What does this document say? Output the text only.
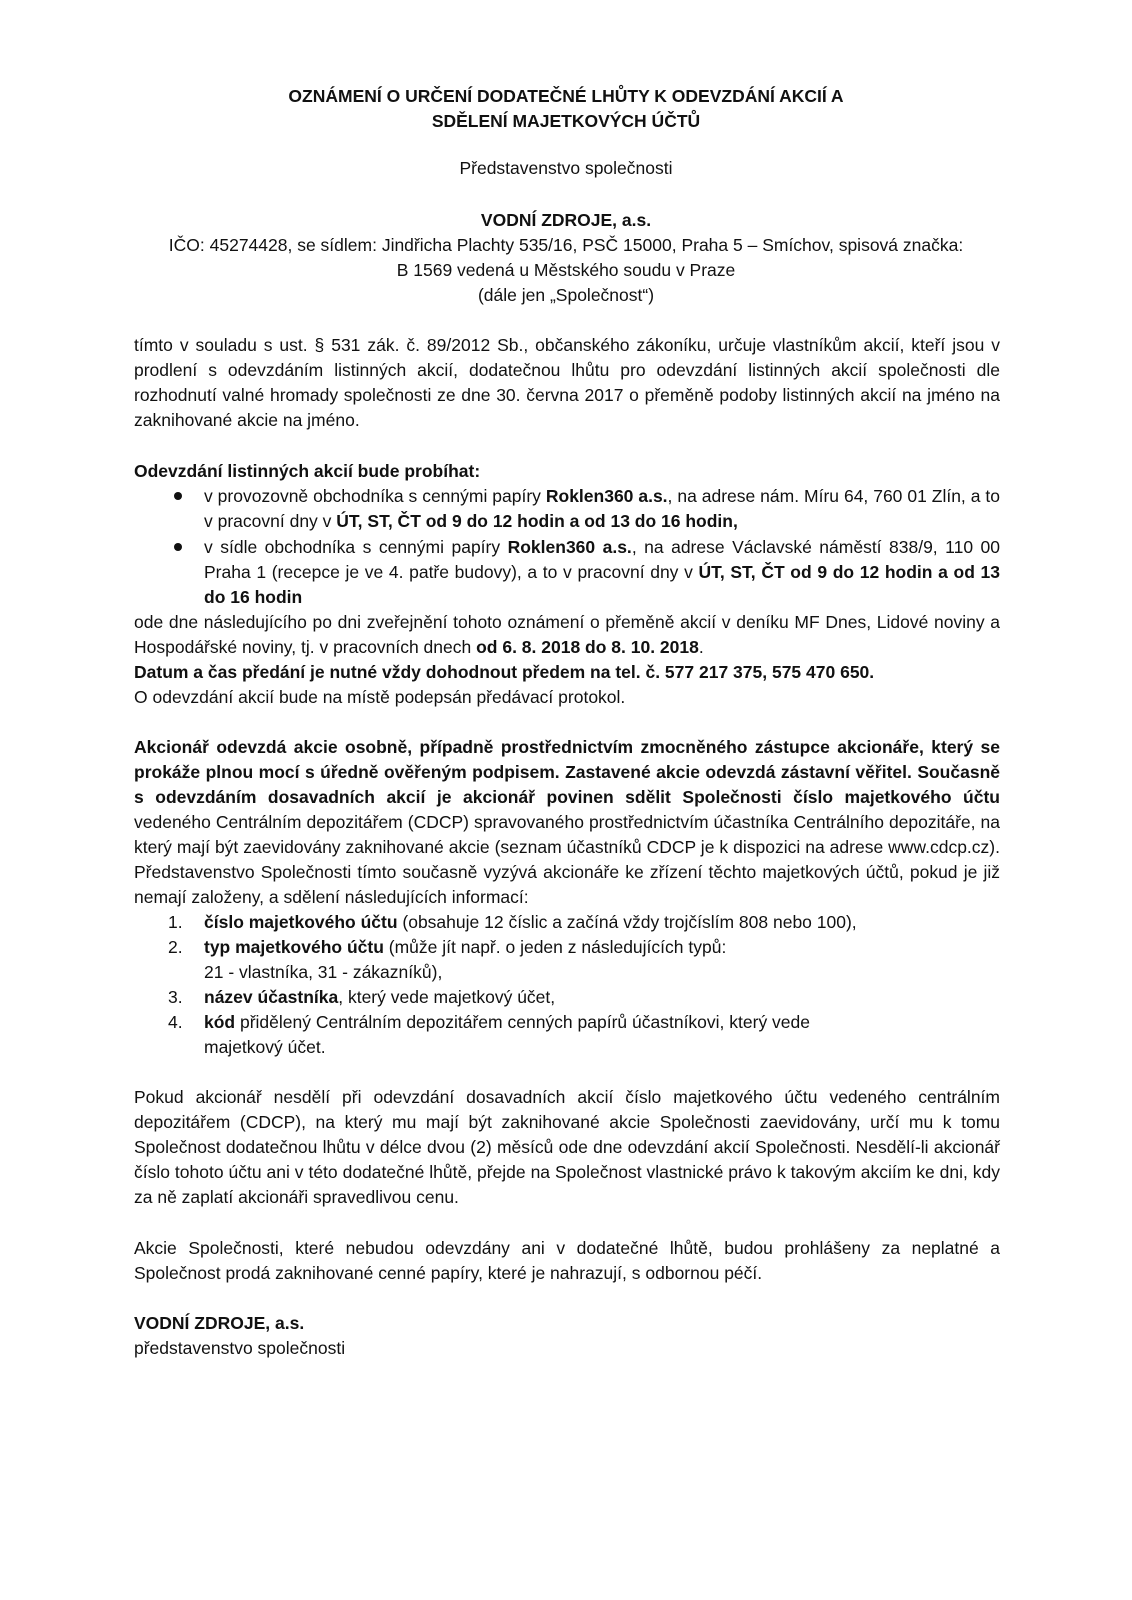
OZNÁMENÍ O URČENÍ DODATEČNÉ LHŮTY K ODEVZDÁNÍ AKCIÍ A
SDĚLENÍ MAJETKOVÝCH ÚČTŮ
Představenstvo společnosti
VODNÍ ZDROJE, a.s.
IČO: 45274428, se sídlem: Jindřicha Plachty 535/16, PSČ 15000, Praha 5 – Smíchov, spisová značka:
B 1569 vedená u Městského soudu v Praze
(dále jen „Společnost“)
tímto v souladu s ust. § 531 zák. č. 89/2012 Sb., občanského zákoníku, určuje vlastníkům akcií, kteří jsou v prodlení s odevzdáním listinných akcií, dodatečnou lhůtu pro odevzdání listinných akcií společnosti dle rozhodnutí valné hromady společnosti ze dne 30. června 2017 o přeměně podoby listinných akcií na jméno na zaknihované akcie na jméno.
Odevzdání listinných akcií bude probíhat:
v provozovně obchodníka s cennými papíry Roklen360 a.s., na adrese nám. Míru 64, 760 01 Zlín, a to v pracovní dny v ÚT, ST, ČT od 9 do 12 hodin a od 13 do 16 hodin,
v sídle obchodníka s cennými papíry Roklen360 a.s., na adrese Václavské náměstí 838/9, 110 00 Praha 1 (recepce je ve 4. patře budovy), a to v pracovní dny v ÚT, ST, ČT od 9 do 12 hodin a od 13 do 16 hodin
ode dne následujícího po dni zveřejnění tohoto oznámení o přeměně akcií v deníku MF Dnes, Lidové noviny a Hospodářské noviny, tj. v pracovních dnech od 6. 8. 2018 do 8. 10. 2018.
Datum a čas předání je nutné vždy dohodnout předem na tel. č. 577 217 375, 575 470 650.
O odevzdání akcií bude na místě podepsán předávací protokol.
Akcionář odevzdá akcie osobně, případně prostřednictvím zmocněného zástupce akcionáře, který se prokáže plnou mocí s úředně ověřeným podpisem. Zastavené akcie odevzdá zástavní věřitel. Současně s odevzdáním dosavadních akcií je akcionář povinen sdělit Společnosti číslo majetkového účtu vedeného Centrálním depozitářem (CDCP) spravovaného prostřednictvím účastníka Centrálního depozitáře, na který mají být zaevidovány zaknihované akcie (seznam účastníků CDCP je k dispozici na adrese www.cdcp.cz). Představenstvo Společnosti tímto současně vyzývá akcionáře ke zřízení těchto majetkových účtů, pokud je již nemají založeny, a sdělení následujících informací:
1.	číslo majetkového účtu (obsahuje 12 číslic a začíná vždy trojčíslím 808 nebo 100),
2.	typ majetkového účtu (může jít např. o jeden z následujících typů:
21 - vlastníka, 31 - zákazníků),
3.	název účastníka, který vede majetkový účet,
4.	kód přidělený Centrálním depozitářem cenných papírů účastníkovi, který vede majetkový účet.
Pokud akcionář nesdělí při odevzdání dosavadních akcií číslo majetkového účtu vedeného centrálním depozitářem (CDCP), na který mu mají být zaknihované akcie Společnosti zaevidovány, určí mu k tomu Společnost dodatečnou lhůtu v délce dvou (2) měsíců ode dne odevzdání akcií Společnosti. Nesdělí-li akcionář číslo tohoto účtu ani v této dodatečné lhůtě, přejde na Společnost vlastnické právo k takovým akciím ke dni, kdy za ně zaplatí akcionáři spravedlivou cenu.
Akcie Společnosti, které nebudou odevzdány ani v dodatečné lhůtě, budou prohlášeny za neplatné a Společnost prodá zaknihované cenné papíry, které je nahrazují, s odbornou péčí.
VODNÍ ZDROJE, a.s.
představenstvo společnosti
